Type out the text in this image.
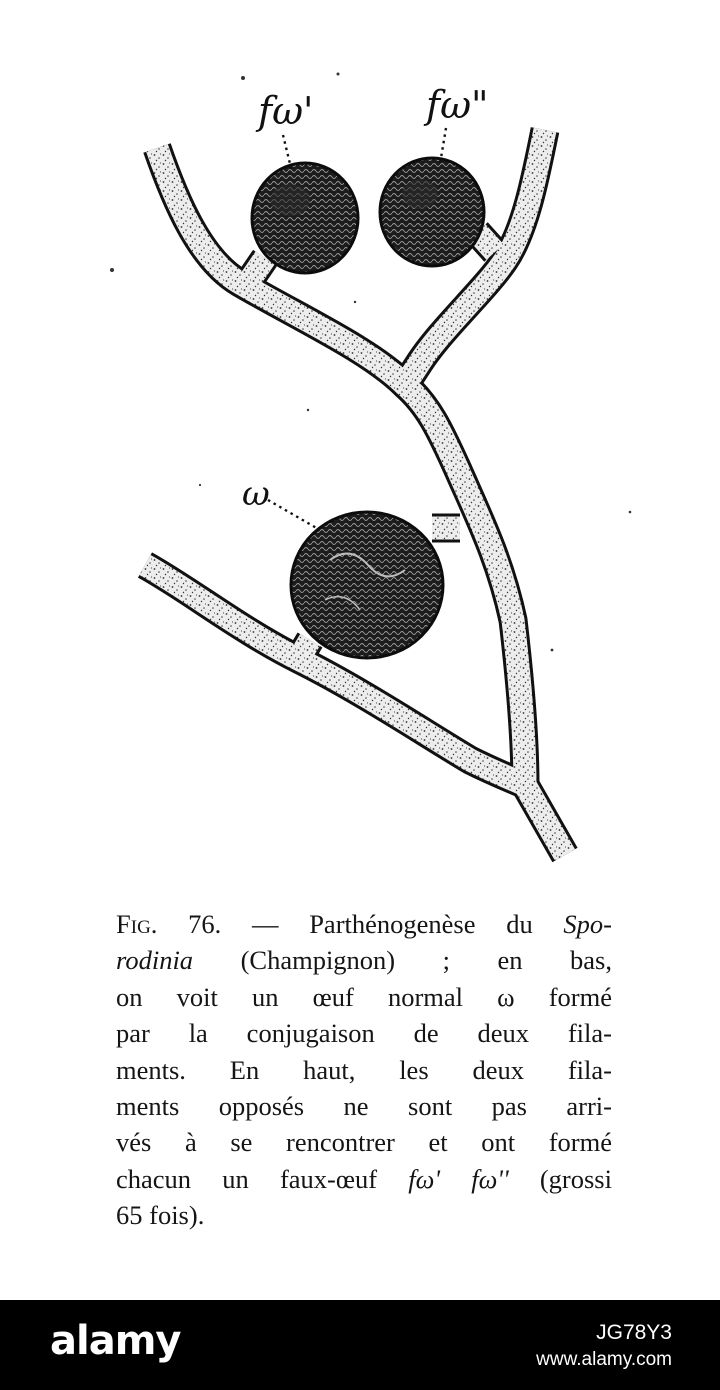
fω'	fω"
ω
Fig. 76. — Parthénogenèse du Spo-
rodinia (Champignon) ; en bas,
on voit un œuf normal ω formé
par la conjugaison de deux fila-
ments. En haut, les deux fila-
ments opposés ne sont pas arri-
vés à se rencontrer et ont formé
chacun un faux-œuf fω' fω'' (grossi
65 fois).
alamy	JG78Y3
www.alamy.com
